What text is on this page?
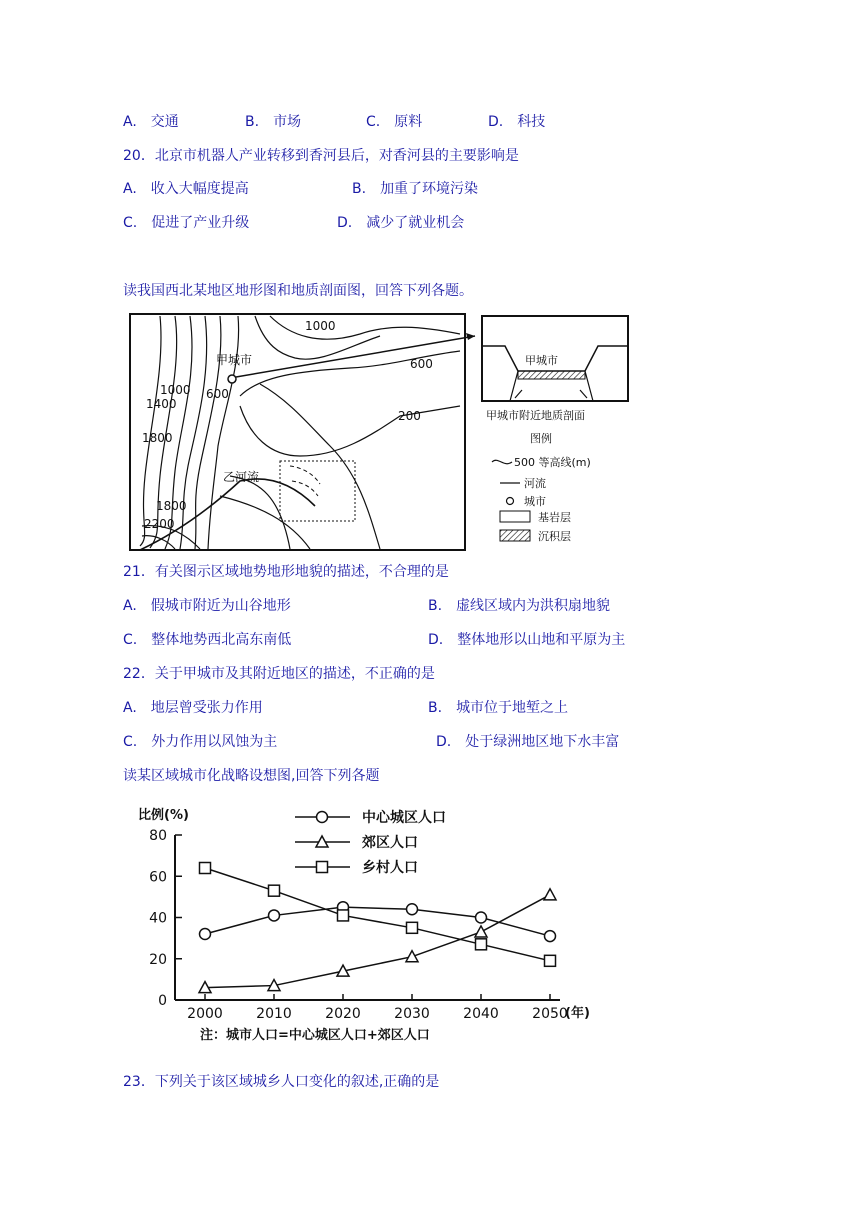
A. 交通	B. 市场	C. 原料	D. 科技
20．北京市机器人产业转移到香河县后，对香河县的主要影响是
A. 收入大幅度提高	B. 加重了环境污染
C. 促进了产业升级	D. 减少了就业机会
读我国西北某地区地形图和地质剖面图，回答下列各题。
甲城市
乙河流
1000
600
600
200
1000
1400
1800
1800
2200
甲城市
甲城市附近地质剖面
图例
500 等高线(m)
河流
城市
基岩层
沉积层
21．有关图示区域地势地形地貌的描述，不合理的是
A. 假城市附近为山谷地形	B. 虚线区域内为洪积扇地貌
C. 整体地势西北高东南低	D. 整体地形以山地和平原为主
22．关于甲城市及其附近地区的描述，不正确的是
A. 地层曾受张力作用	B. 城市位于地堑之上
C. 外力作用以风蚀为主	D. 处于绿洲地区地下水丰富
读某区域城市化战略设想图,回答下列各题
比例(%)
(年)
注：城市人口=中心城区人口+郊区人口
中心城区人口
郊区人口
乡村人口
0
20
40
60
80
2000 2010 2020 2030 2040 2050
23．下列关于该区域城乡人口变化的叙述,正确的是
